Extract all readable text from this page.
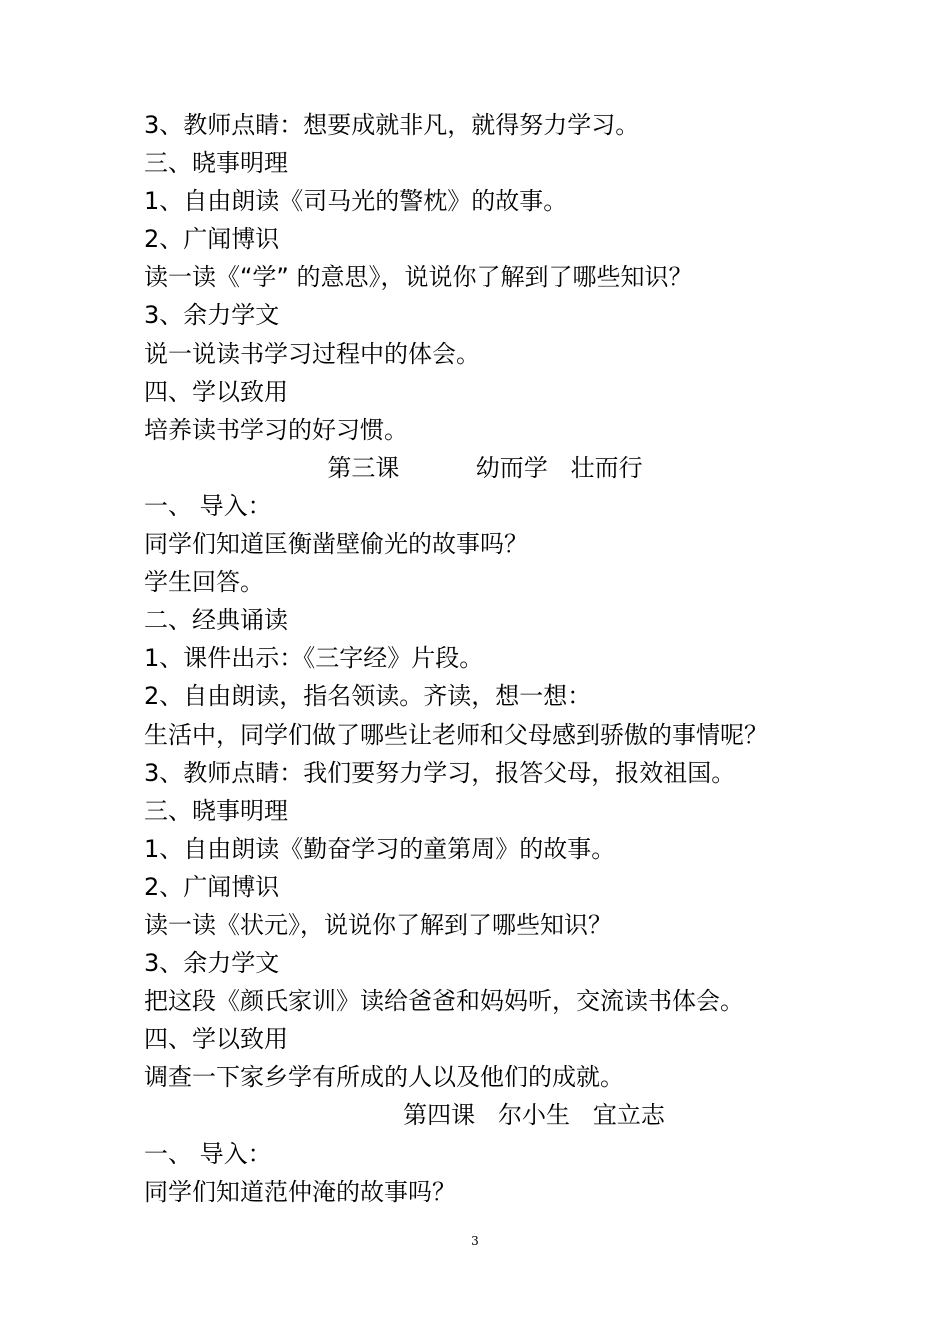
3、教师点睛：想要成就非凡，就得努力学习。
三、晓事明理
1、自由朗读《司马光的警枕》的故事。
2、广闻博识
读一读《“学” 的意思》，说说你了解到了哪些知识？
3、余力学文
说一说读书学习过程中的体会。
四、学以致用
培养读书学习的好习惯。
第三课          幼而学   壮而行
一、 导入：
同学们知道匡衡凿壁偷光的故事吗？
学生回答。
二、经典诵读
1、课件出示：《三字经》片段。
2、自由朗读，指名领读。齐读，想一想：
生活中，同学们做了哪些让老师和父母感到骄傲的事情呢？
3、教师点睛：我们要努力学习，报答父母，报效祖国。
三、晓事明理
1、自由朗读《勤奋学习的童第周》的故事。
2、广闻博识
读一读《状元》，说说你了解到了哪些知识？
3、余力学文
把这段《颜氏家训》读给爸爸和妈妈听，交流读书体会。
四、学以致用
调查一下家乡学有所成的人以及他们的成就。
第四课   尔小生   宜立志
一、 导入：
同学们知道范仲淹的故事吗？
3
